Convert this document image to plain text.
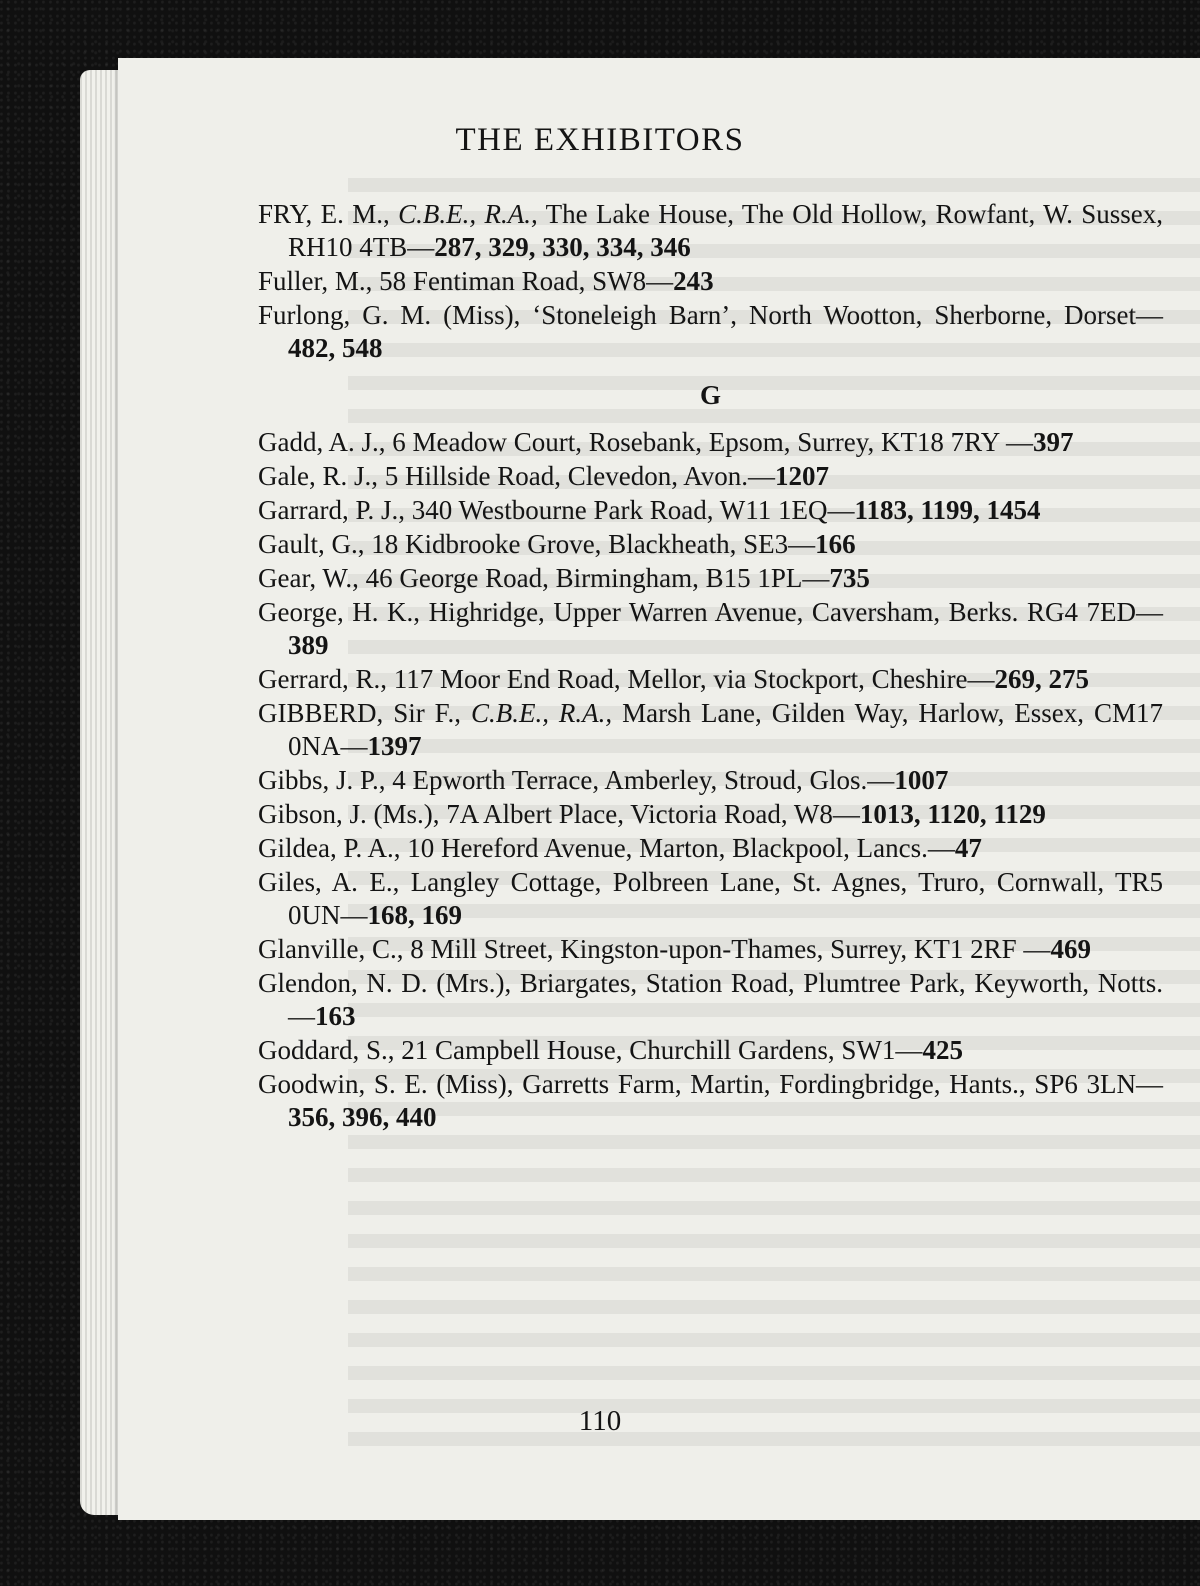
THE EXHIBITORS

FRY, E. M., C.B.E., R.A., The Lake House, The Old Hollow, Rowfant, W. Sussex, RH10 4TB—287, 329, 330, 334, 346

Fuller, M., 58 Fentiman Road, SW8—243

Furlong, G. M. (Miss), ‘Stoneleigh Barn’, North Wootton, Sherborne, Dorset—482, 548

G

Gadd, A. J., 6 Meadow Court, Rosebank, Epsom, Surrey, KT18 7RY —397

Gale, R. J., 5 Hillside Road, Clevedon, Avon.—1207

Garrard, P. J., 340 Westbourne Park Road, W11 1EQ—1183, 1199, 1454

Gault, G., 18 Kidbrooke Grove, Blackheath, SE3—166

Gear, W., 46 George Road, Birmingham, B15 1PL—735

George, H. K., Highridge, Upper Warren Avenue, Caversham, Berks. RG4 7ED—389

Gerrard, R., 117 Moor End Road, Mellor, via Stockport, Cheshire—269, 275

GIBBERD, Sir F., C.B.E., R.A., Marsh Lane, Gilden Way, Harlow, Essex, CM17 0NA—1397

Gibbs, J. P., 4 Epworth Terrace, Amberley, Stroud, Glos.—1007

Gibson, J. (Ms.), 7A Albert Place, Victoria Road, W8—1013, 1120, 1129

Gildea, P. A., 10 Hereford Avenue, Marton, Blackpool, Lancs.—47

Giles, A. E., Langley Cottage, Polbreen Lane, St. Agnes, Truro, Cornwall, TR5 0UN—168, 169

Glanville, C., 8 Mill Street, Kingston-upon-Thames, Surrey, KT1 2RF —469

Glendon, N. D. (Mrs.), Briargates, Station Road, Plumtree Park, Keyworth, Notts.—163

Goddard, S., 21 Campbell House, Churchill Gardens, SW1—425

Goodwin, S. E. (Miss), Garretts Farm, Martin, Fordingbridge, Hants., SP6 3LN—356, 396, 440

110
